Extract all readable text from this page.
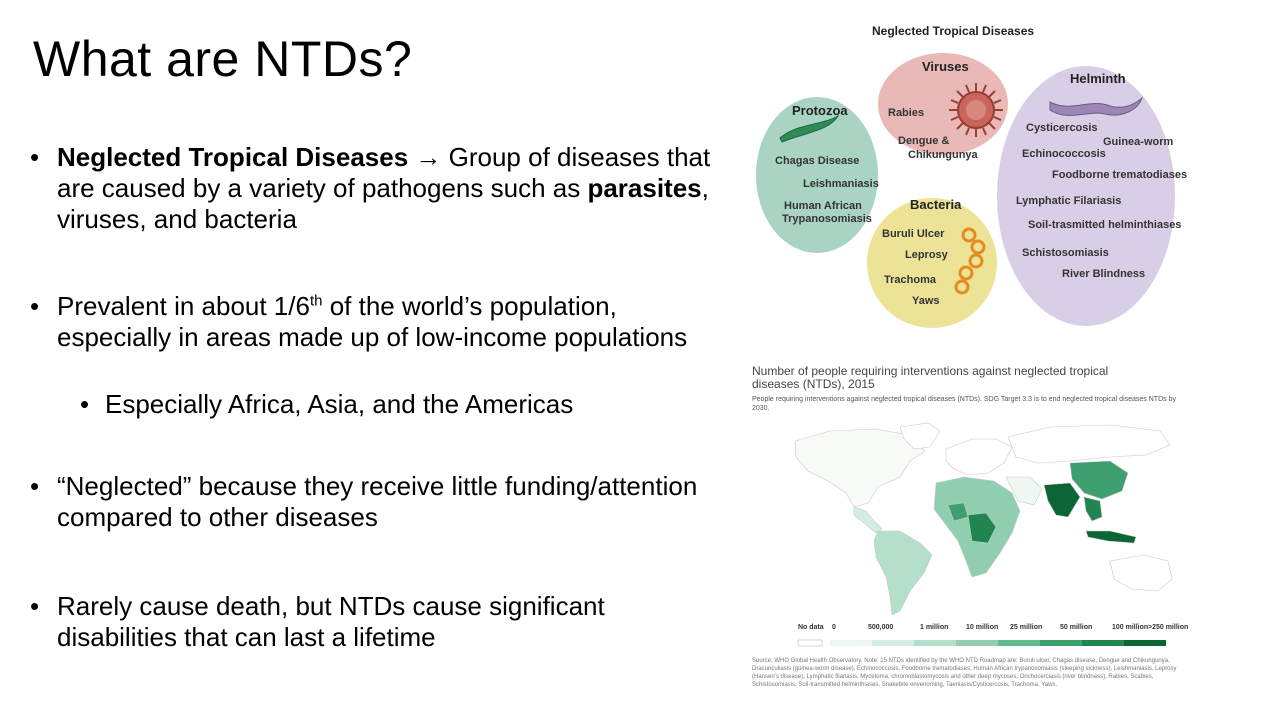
What are NTDs?
• Neglected Tropical Diseases → Group of diseases that are caused by a variety of pathogens such as parasites, viruses, and bacteria
• Prevalent in about 1/6th of the world’s population, especially in areas made up of low-income populations
• Especially Africa, Asia, and the Americas
• “Neglected” because they receive little funding/attention compared to other diseases
• Rarely cause death, but NTDs cause significant disabilities that can last a lifetime
Neglected Tropical Diseases
Protozoa
Chagas Disease
Leishmaniasis
Human African
Trypanosomiasis
Viruses
Rabies
Dengue &
Chikungunya
Helminth
Cysticercosis
Guinea-worm
Echinococcosis
Foodborne trematodiases
Lymphatic Filariasis
Soil-trasmitted helminthiases
Schistosomiasis
River Blindness
Bacteria
Buruli Ulcer
Leprosy
Trachoma
Yaws
Number of people requiring interventions against neglected tropical diseases (NTDs), 2015
People requiring interventions against neglected tropical diseases (NTDs). SDG Target 3.3 is to end neglected tropical diseases NTDs by 2030.
No data 0	500,000	1 million	10 million 25 million	50 million	100 million >250 million
Source: WHO Global Health Observatory. Note: 15 NTDs identified by the WHO NTD Roadmap are: Buruli ulcer, Chagas disease, Dengue and Chikungunya, Dracunculiasis (guinea-worm disease), Echinococcosis, Foodborne trematodiases, Human African trypanosomiasis (sleeping sickness), Leishmaniasis, Leprosy (Hansen's disease), Lymphatic filariasis, Mycetoma, chromoblastomycosis and other deep mycoses, Onchocerciasis (river blindness), Rabies, Scabies, Schistosomiasis, Soil-transmitted helminthiases, Snakebite envenoming, Taeniasis/Cysticercosis, Trachoma, Yaws.
